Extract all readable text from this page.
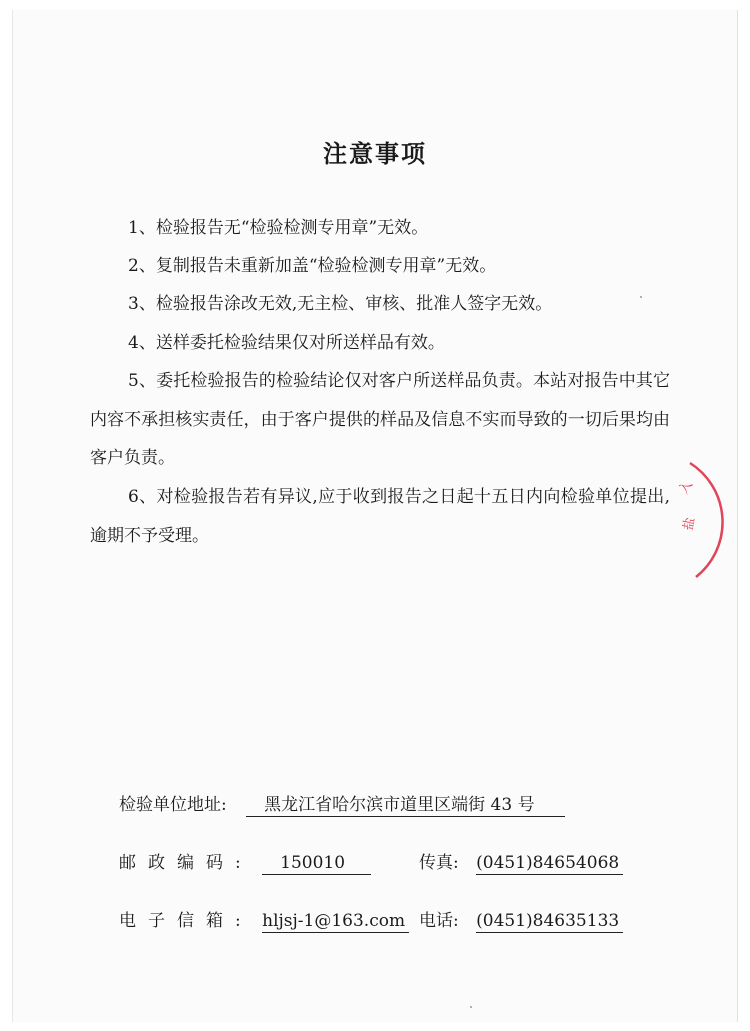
注意事项
1、检验报告无“检验检测专用章”无效。
2、复制报告未重新加盖“检验检测专用章”无效。
3、检验报告涂改无效,无主检、审核、批准人签字无效。
4、送样委托检验结果仅对所送样品有效。
5、委托检验报告的检验结论仅对客户所送样品负责。本站对报告中其它内容不承担核实责任，由于客户提供的样品及信息不实而导致的一切后果均由客户负责。
6、对检验报告若有异议,应于收到报告之日起十五日内向检验单位提出,逾期不予受理。
检验单位地址: 黑龙江省哈尔滨市道里区端街 43 号
邮政编码: 150010	传真: (0451)84654068
电子信箱: hljsj-1@163.com 电话: (0451)84635133
入
盐
